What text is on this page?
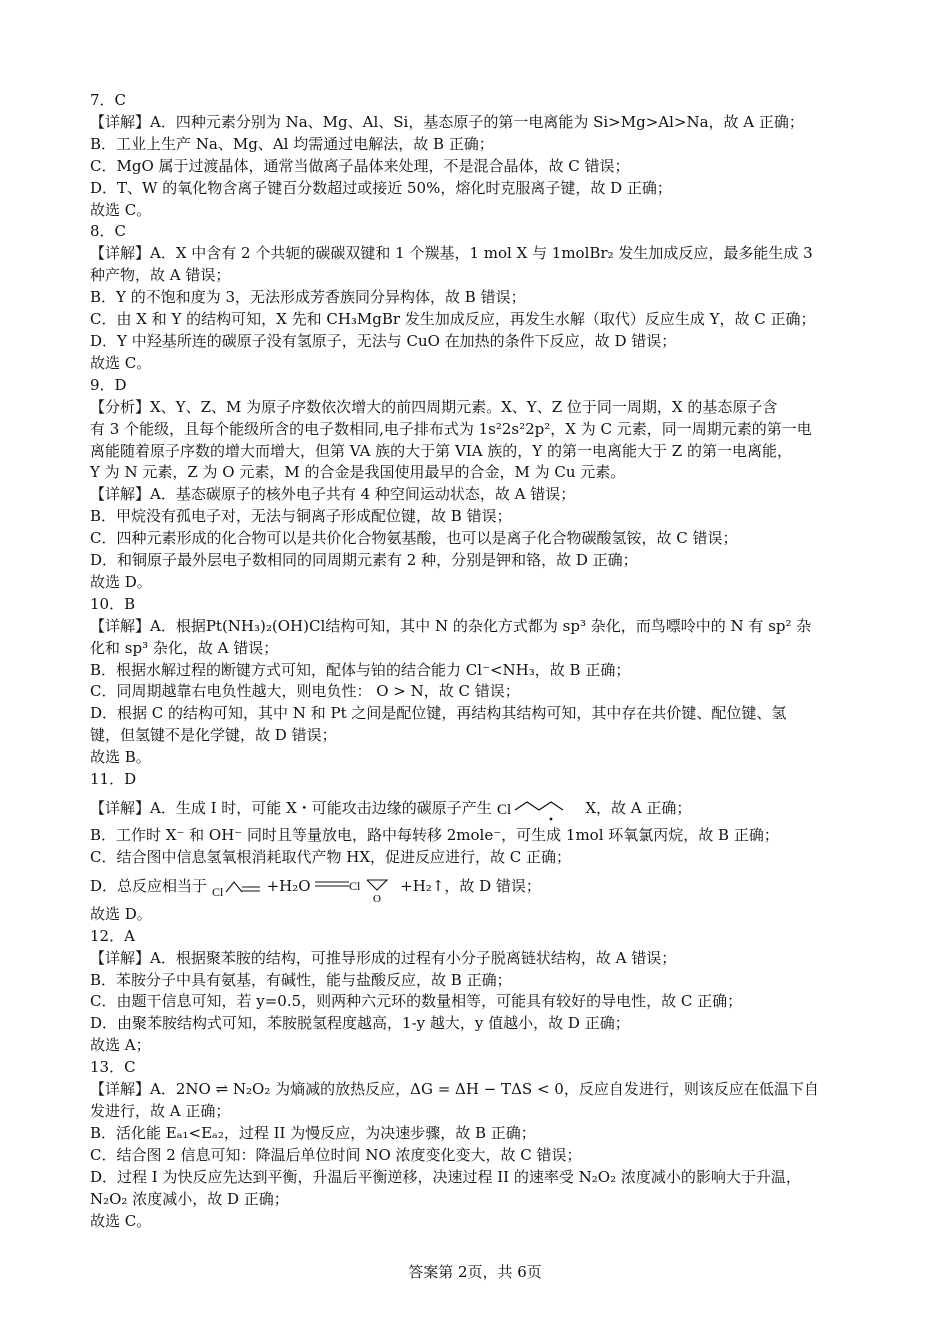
7．C
【详解】A．四种元素分别为 Na、Mg、Al、Si，基态原子的第一电离能为 Si>Mg>Al>Na，故 A 正确；
B．工业上生产 Na、Mg、Al 均需通过电解法，故 B 正确；
C．MgO 属于过渡晶体，通常当做离子晶体来处理，不是混合晶体，故 C 错误；
D．T、W 的氧化物含离子键百分数超过或接近 50%，熔化时克服离子键，故 D 正确；
故选 C。
8．C
【详解】A．X 中含有 2 个共轭的碳碳双键和 1 个羰基，1 mol X 与 1molBr₂ 发生加成反应，最多能生成 3
种产物，故 A 错误；
B．Y 的不饱和度为 3，无法形成芳香族同分异构体，故 B 错误；
C．由 X 和 Y 的结构可知，X 先和 CH₃MgBr 发生加成反应，再发生水解（取代）反应生成 Y，故 C 正确；
D．Y 中羟基所连的碳原子没有氢原子，无法与 CuO 在加热的条件下反应，故 D 错误；
故选 C。
9．D
【分析】X、Y、Z、M 为原子序数依次增大的前四周期元素。X、Y、Z 位于同一周期，X 的基态原子含
有 3 个能级，且每个能级所含的电子数相同,电子排布式为 1s²2s²2p²，X 为 C 元素，同一周期元素的第一电
离能随着原子序数的增大而增大，但第 VA 族的大于第 VIA 族的，Y 的第一电离能大于 Z 的第一电离能，
Y 为 N 元素，Z 为 O 元素，M 的合金是我国使用最早的合金，M 为 Cu 元素。
【详解】A．基态碳原子的核外电子共有 4 种空间运动状态，故 A 错误；
B．甲烷没有孤电子对，无法与铜离子形成配位键，故 B 错误；
C．四种元素形成的化合物可以是共价化合物氨基酸，也可以是离子化合物碳酸氢铵，故 C 错误；
D．和铜原子最外层电子数相同的同周期元素有 2 种，分别是钾和铬，故 D 正确；
故选 D。
10．B
【详解】A．根据Pt(NH₃)₂(OH)Cl结构可知，其中 N 的杂化方式都为 sp³ 杂化，而鸟嘌呤中的 N 有 sp² 杂
化和 sp³ 杂化，故 A 错误；
B．根据水解过程的断键方式可知，配体与铂的结合能力 Cl⁻<NH₃，故 B 正确；
C．同周期越靠右电负性越大，则电负性： O > N，故 C 错误；
D．根据 C 的结构可知，其中 N 和 Pt 之间是配位键，再结构其结构可知，其中存在共价键、配位键、氢
键，但氢键不是化学键，故 D 错误；
故选 B。
11．D
【详解】A．生成 I 时，可能 X・可能攻击边缘的碳原子产生 Cl	X，故 A 正确；
B．工作时 X⁻ 和 OH⁻ 同时且等量放电，路中每转移 2mole⁻，可生成 1mol 环氧氯丙烷，故 B 正确；
C．结合图中信息氢氧根消耗取代产物 HX，促进反应进行，故 C 正确；
D．总反应相当于 Cl	+H₂O	Cl
O
+H₂↑，故 D 错误；
故选 D。
12．A
【详解】A．根据聚苯胺的结构，可推导形成的过程有小分子脱离链状结构，故 A 错误；
B．苯胺分子中具有氨基，有碱性，能与盐酸反应，故 B 正确；
C．由题干信息可知，若 y=0.5，则两种六元环的数量相等，可能具有较好的导电性，故 C 正确；
D．由聚苯胺结构式可知，苯胺脱氢程度越高，1-y 越大，y 值越小，故 D 正确；
故选 A；
13．C
【详解】A．2NO ⇌ N₂O₂ 为熵减的放热反应，ΔG = ΔH − TΔS < 0，反应自发进行，则该反应在低温下自
发进行，故 A 正确；
B．活化能 Eₐ₁<Eₐ₂，过程 II 为慢反应，为决速步骤，故 B 正确；
C．结合图 2 信息可知：降温后单位时间 NO 浓度变化变大，故 C 错误；
D．过程 I 为快反应先达到平衡，升温后平衡逆移，决速过程 II 的速率受 N₂O₂ 浓度减小的影响大于升温，
N₂O₂ 浓度减小，故 D 正确；
故选 C。
答案第 2页，共 6页
